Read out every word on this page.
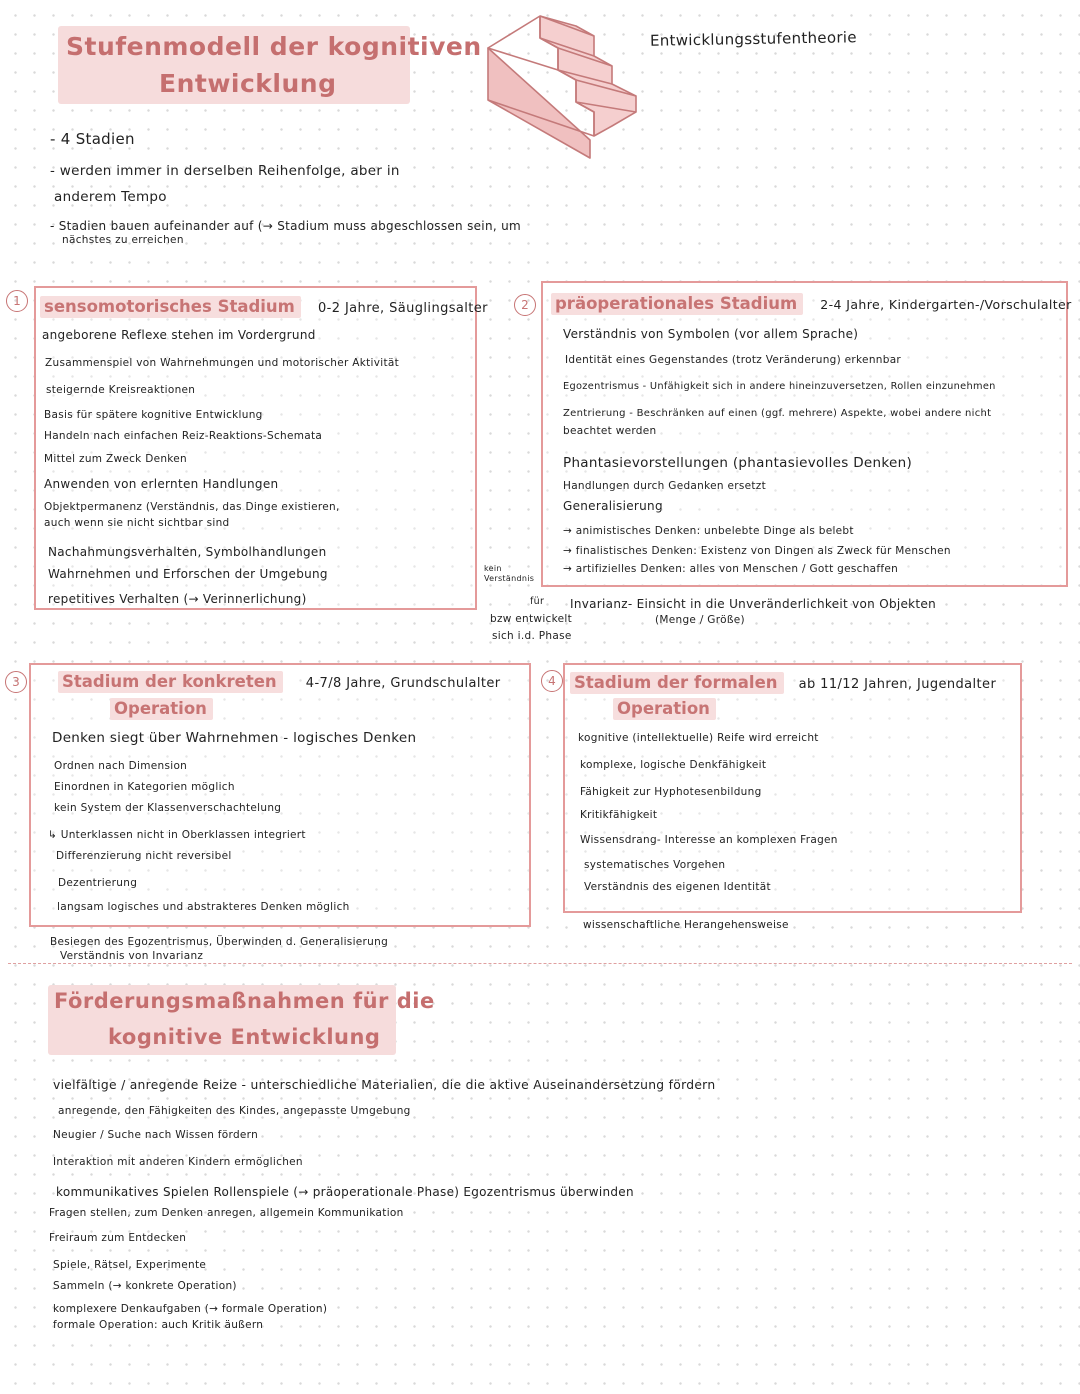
Stufenmodell der kognitiven
Entwicklung
Entwicklungsstufentheorie
- 4 Stadien
- werden immer in derselben Reihenfolge, aber in
anderem Tempo
- Stadien bauen aufeinander auf (→ Stadium muss abgeschlossen sein, um
nächstes zu erreichen
1	sensomotorisches Stadium 0-2 Jahre, Säuglingsalter
angeborene Reflexe stehen im Vordergrund
Zusammenspiel von Wahrnehmungen und motorischer Aktivität
steigernde Kreisreaktionen
Basis für spätere kognitive Entwicklung
Handeln nach einfachen Reiz-Reaktions-Schemata
Mittel zum Zweck Denken
Anwenden von erlernten Handlungen
Objektpermanenz (Verständnis, das Dinge existieren,
auch wenn sie nicht sichtbar sind
Nachahmungsverhalten, Symbolhandlungen
Wahrnehmen und Erforschen der Umgebung
repetitives Verhalten (→ Verinnerlichung)
2	präoperationales Stadium 2-4 Jahre, Kindergarten-/Vorschulalter
Verständnis von Symbolen (vor allem Sprache)
Identität eines Gegenstandes (trotz Veränderung) erkennbar
Egozentrismus - Unfähigkeit sich in andere hineinzuversetzen, Rollen einzunehmen
Zentrierung - Beschränken auf einen (ggf. mehrere) Aspekte, wobei andere nicht
beachtet werden
Phantasievorstellungen (phantasievolles Denken)
Handlungen durch Gedanken ersetzt
Generalisierung
→ animistisches Denken: unbelebte Dinge als belebt
→ finalistisches Denken: Existenz von Dingen als Zweck für Menschen
→ artifizielles Denken: alles von Menschen / Gott geschaffen
kein
Verständnis
für
bzw entwickelt
sich i.d. Phase
Invarianz- Einsicht in die Unveränderlichkeit von Objekten
(Menge / Größe)
3	Stadium der konkreten 4-7/8 Jahre, Grundschulalter
Operation
Denken siegt über Wahrnehmen - logisches Denken
Ordnen nach Dimension
Einordnen in Kategorien möglich
kein System der Klassenverschachtelung
↳ Unterklassen nicht in Oberklassen integriert
Differenzierung nicht reversibel
Dezentrierung
langsam logisches und abstrakteres Denken möglich
Besiegen des Egozentrismus, Überwinden d. Generalisierung
Verständnis von Invarianz
4	Stadium der formalen ab 11/12 Jahren, Jugendalter
Operation
kognitive (intellektuelle) Reife wird erreicht
komplexe, logische Denkfähigkeit
Fähigkeit zur Hyphotesenbildung
Kritikfähigkeit
Wissensdrang- Interesse an komplexen Fragen
systematisches Vorgehen
Verständnis des eigenen Identität
wissenschaftliche Herangehensweise
Förderungsmaßnahmen für die
kognitive Entwicklung
vielfältige / anregende Reize - unterschiedliche Materialien, die die aktive Auseinandersetzung fördern
anregende, den Fähigkeiten des Kindes, angepasste Umgebung
Neugier / Suche nach Wissen fördern
Interaktion mit anderen Kindern ermöglichen
kommunikatives Spielen Rollenspiele (→ präoperationale Phase) Egozentrismus überwinden
Fragen stellen, zum Denken anregen, allgemein Kommunikation
Freiraum zum Entdecken
Spiele, Rätsel, Experimente
Sammeln (→ konkrete Operation)
komplexere Denkaufgaben (→ formale Operation)
formale Operation: auch Kritik äußern
